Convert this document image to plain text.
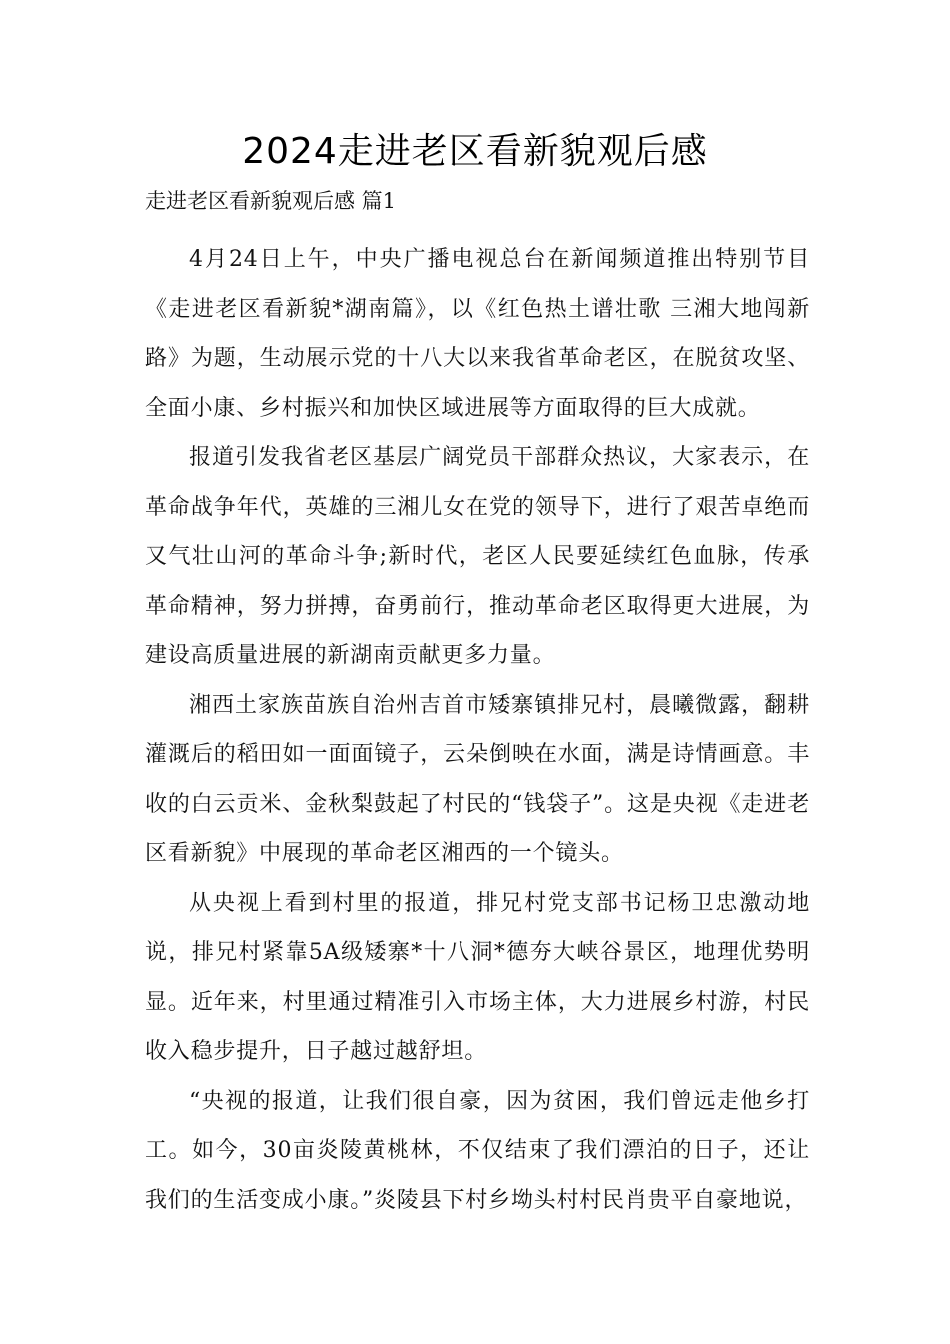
2024走进老区看新貌观后感
走进老区看新貌观后感 篇1

4月24日上午，中央广播电视总台在新闻频道推出特别节目《走进老区看新貌*湖南篇》，以《红色热土谱壮歌 三湘大地闯新路》为题，生动展示党的十八大以来我省革命老区，在脱贫攻坚、全面小康、乡村振兴和加快区域进展等方面取得的巨大成就。

报道引发我省老区基层广阔党员干部群众热议，大家表示，在革命战争年代，英雄的三湘儿女在党的领导下，进行了艰苦卓绝而又气壮山河的革命斗争;新时代，老区人民要延续红色血脉，传承革命精神，努力拼搏，奋勇前行，推动革命老区取得更大进展，为建设高质量进展的新湖南贡献更多力量。

湘西土家族苗族自治州吉首市矮寨镇排兄村，晨曦微露，翻耕灌溉后的稻田如一面面镜子，云朵倒映在水面，满是诗情画意。丰收的白云贡米、金秋梨鼓起了村民的“钱袋子”。这是央视《走进老区看新貌》中展现的革命老区湘西的一个镜头。

从央视上看到村里的报道，排兄村党支部书记杨卫忠激动地说，排兄村紧靠5A级矮寨*十八洞*德夯大峡谷景区，地理优势明显。近年来，村里通过精准引入市场主体，大力进展乡村游，村民收入稳步提升，日子越过越舒坦。

“央视的报道，让我们很自豪，因为贫困，我们曾远走他乡打工。如今，30亩炎陵黄桃林，不仅结束了我们漂泊的日子，还让我们的生活变成小康。”炎陵县下村乡坳头村村民肖贵平自豪地说，
